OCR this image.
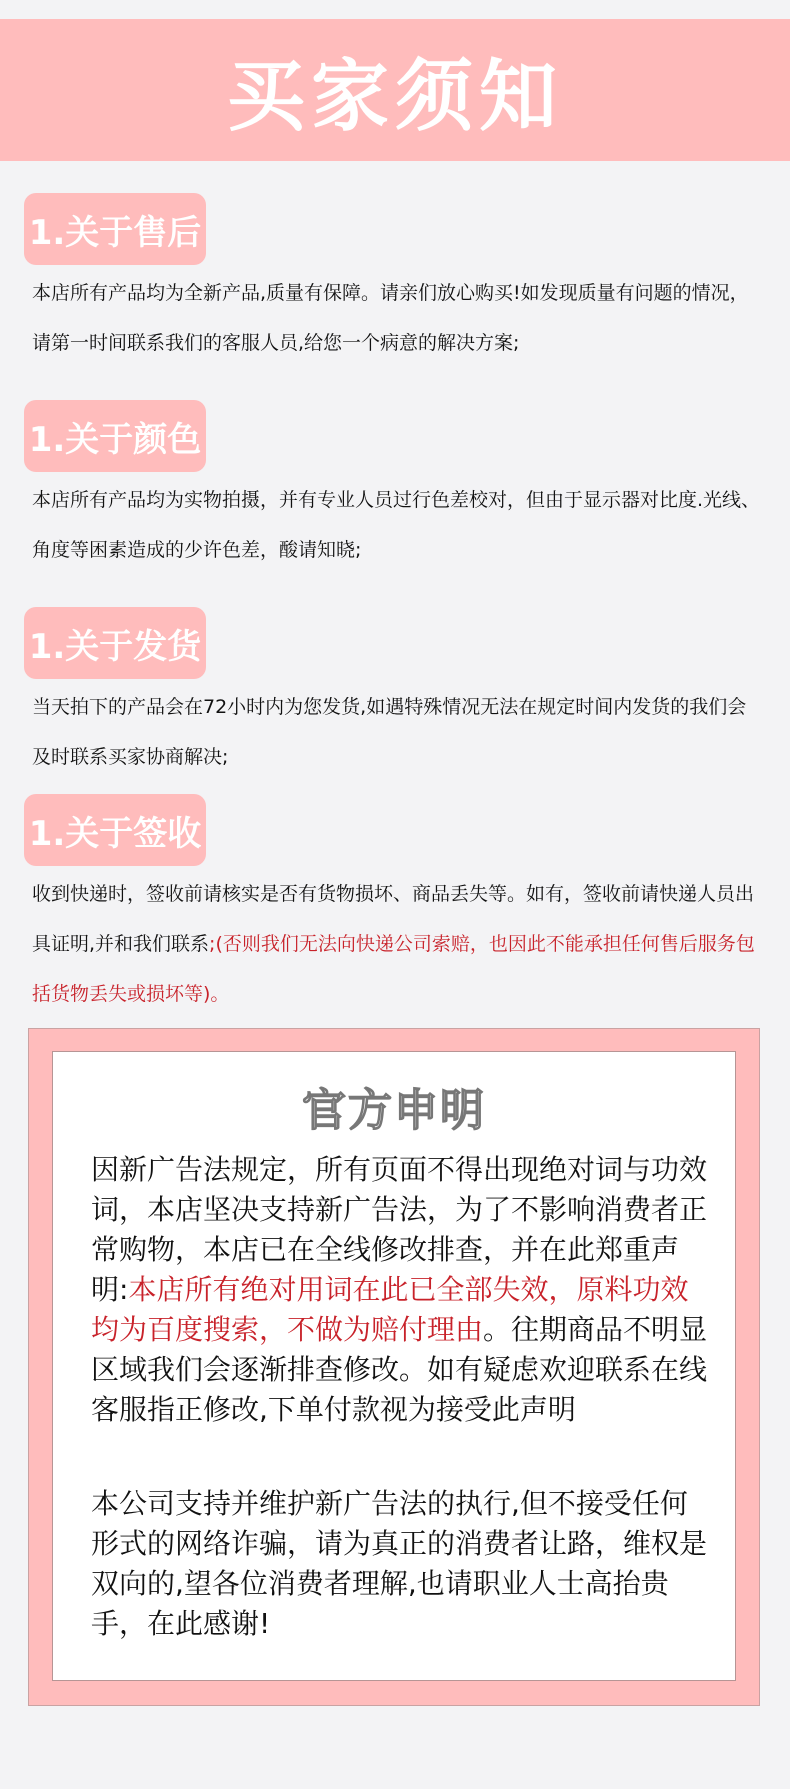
买家须知
1.关于售后
本店所有产品均为全新产品,质量有保障。请亲们放心购买!如发现质量有问题的情况，请第一时间联系我们的客服人员,给您一个病意的解决方案;
1.关于颜色
本店所有产品均为实物拍摄，并有专业人员过行色差校对，但由于显示器对比度.光线、角度等困素造成的少许色差，酸请知晓;
1.关于发货
当天拍下的产品会在72小时内为您发货,如遇特殊情况无法在规定时间内发货的我们会及时联系买家协商解决;
1.关于签收
收到快递时，签收前请核实是否有货物损坏、商品丢失等。如有，签收前请快递人员出具证明,并和我们联系;(否则我们无法向快递公司索赔，也因此不能承担任何售后服务包括货物丢失或损坏等)。
官方申明
因新广告法规定，所有页面不得出现绝对词与功效词，本店坚决支持新广告法，为了不影响消费者正常购物，本店已在全线修改排查，并在此郑重声明:本店所有绝对用词在此已全部失效，原料功效均为百度搜索，不做为赔付理由。往期商品不明显区域我们会逐渐排查修改。如有疑虑欢迎联系在线客服指正修改,下单付款视为接受此声明
本公司支持并维护新广告法的执行,但不接受任何形式的网络诈骗，请为真正的消费者让路，维权是双向的,望各位消费者理解,也请职业人士高抬贵手，在此感谢!
